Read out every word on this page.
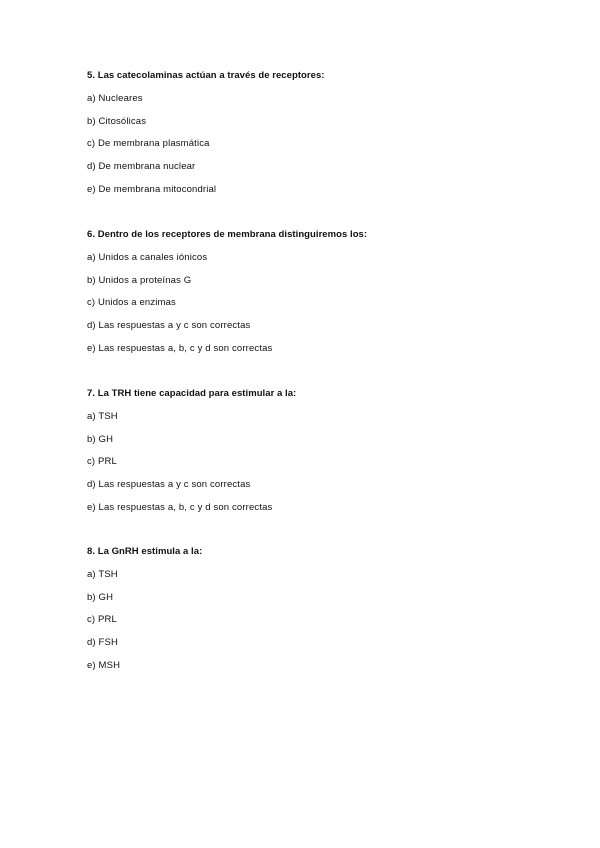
5. Las catecolaminas actúan a través de receptores:
a) Nucleares
b) Citosólicas
c) De membrana plasmática
d) De membrana nuclear
e) De membrana mitocondrial
6. Dentro de los receptores de membrana distinguiremos los:
a) Unidos a canales iónicos
b) Unidos a proteínas G
c) Unidos a enzimas
d) Las respuestas a y c son correctas
e) Las respuestas a, b, c y d son correctas
7. La TRH tiene capacidad para estimular a la:
a) TSH
b) GH
c) PRL
d) Las respuestas a y c son correctas
e) Las respuestas a, b, c y d son correctas
8. La GnRH estimula a la:
a) TSH
b) GH
c) PRL
d) FSH
e) MSH
